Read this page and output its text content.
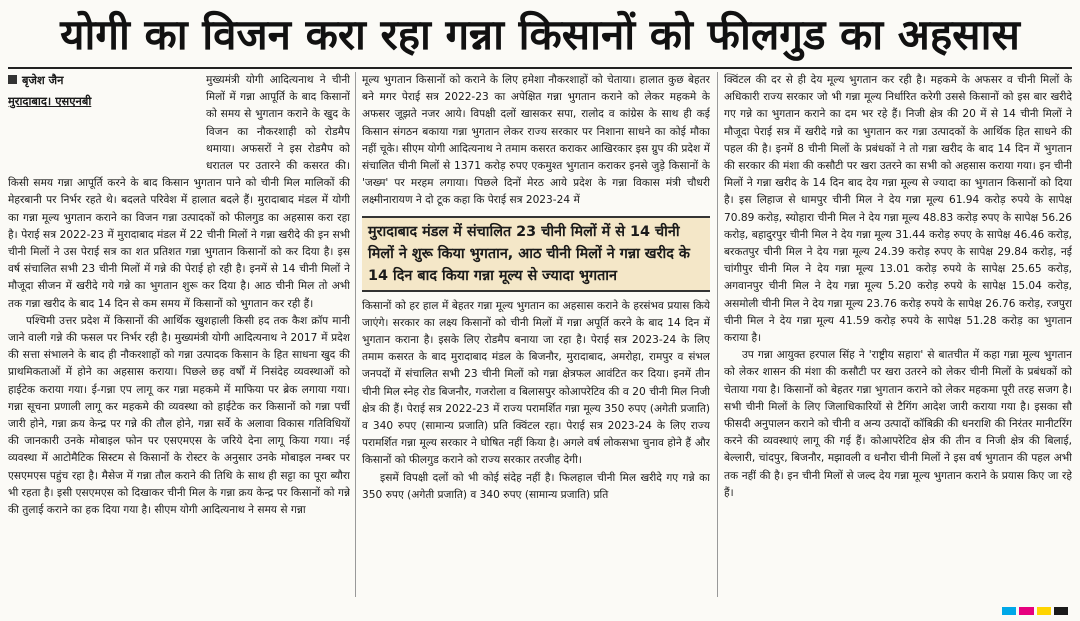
योगी का विजन करा रहा गन्ना किसानों को फीलगुड का अहसास
बृजेश जैन
मुरादाबाद। एसएनबी

मुख्यमंत्री योगी आदित्यनाथ ने चीनी मिलों में गन्ना आपूर्ति के बाद किसानों को समय से भुगतान कराने के खुद के विजन का नौकरशाही को रोडमैप थमाया। अफसरों ने इस रोडमैप को धरातल पर उतारने की कसरत की। किसी समय गन्ना आपूर्ति करने के बाद किसान भुगतान पाने को चीनी मिल मालिकों की मेहरबानी पर निर्भर रहते थे। बदलते परिवेश में हालात बदले हैं। मुरादाबाद मंडल में योगी का गन्ना मूल्य भुगतान कराने का विजन गन्ना उत्पादकों को फीलगुड का अहसास करा रहा है। पेराई सत्र 2022-23 में मुरादाबाद मंडल में 22 चीनी मिलों ने गन्ना खरीदे की इन सभी चीनी मिलों ने उस पेराई सत्र का शत प्रतिशत गन्ना भुगतान किसानों को कर दिया है। इस वर्ष संचालित सभी 23 चीनी मिलों में गन्ने की पेराई हो रही है। इनमें से 14 चीनी मिलों ने मौजूदा सीजन में खरीदे गये गन्ने का भुगतान शुरू कर दिया है। आठ चीनी मिल तो अभी तक गन्ना खरीद के बाद 14 दिन से कम समय में किसानों को भुगतान कर रही हैं।

पश्चिमी उत्तर प्रदेश में किसानों की आर्थिक खुशहाली किसी हद तक कैश क्रॉप मानी जाने वाली गन्ने की फसल पर निर्भर रही है। मुख्यमंत्री योगी आदित्यनाथ ने 2017 में प्रदेश की सत्ता संभालने के बाद ही नौकरशाहों को गन्ना उत्पादक किसान के हित साधना खुद की प्राथमिकताओं में होने का अहसास कराया। पिछले छह वर्षों में निसंदेह व्यवस्थाओं को हाईटेक कराया गया। ई-गन्ना एप लागू कर गन्ना महकमे में माफिया पर ब्रेक लगाया गया। गन्ना सूचना प्रणाली लागू कर महकमे की व्यवस्था को हाईटेक कर किसानों को गन्ना पर्ची जारी होने, गन्ना क्रय केन्द्र पर गन्ने की तौल होने, गन्ना सर्वे के अलावा विकास गतिविधियों की जानकारी उनके मोबाइल फोन पर एसएमएस के जरिये देना लागू किया गया। नई व्यवस्था में आटोमैटिक सिस्टम से किसानों के रोस्टर के अनुसार उनके मोबाइल नम्बर पर एसएमएस पहुंच रहा है। मैसेज में गन्ना तौल कराने की तिथि के साथ ही सट्टा का पूरा ब्यौरा भी रहता है। इसी एसएमएस को दिखाकर चीनी मिल के गन्ना क्रय केन्द्र पर किसानों को गन्ने की तुलाई कराने का हक दिया गया है। सीएम योगी आदित्यनाथ ने समय से गन्ना

मूल्य भुगतान किसानों को कराने के लिए हमेशा नौकरशाहों को चेताया। हालात कुछ बेहतर बने मगर पेराई सत्र 2022-23 का अपेक्षित गन्ना भुगतान कराने को लेकर महकमे के अफसर जूझते नजर आये। विपक्षी दलों खासकर सपा, रालोद व कांग्रेस के साथ ही कई किसान संगठन बकाया गन्ना भुगतान लेकर राज्य सरकार पर निशाना साधने का कोई मौका नहीं चूके। सीएम योगी आदित्यनाथ ने तमाम कसरत कराकर आखिरकार इस ग्रुप की प्रदेश में संचालित चीनी मिलों से 1371 करोड़ रुपए एकमुश्त भुगतान कराकर इनसे जुड़े किसानों के 'जख्म' पर मरहम लगाया। पिछले दिनों मेरठ आये प्रदेश के गन्ना विकास मंत्री चौधरी लक्ष्मीनारायण ने दो टूक कहा कि पेराई सत्र 2023-24 में

मुरादाबाद मंडल में संचालित 23 चीनी मिलों में से 14 चीनी मिलों ने शुरू किया भुगतान, आठ चीनी मिलों ने गन्ना खरीद के 14 दिन बाद किया गन्ना मूल्य से ज्यादा भुगतान

किसानों को हर हाल में बेहतर गन्ना मूल्य भुगतान का अहसास कराने के हरसंभव प्रयास किये जाएंगे। सरकार का लक्ष्य किसानों को चीनी मिलों में गन्ना अपूर्ति करने के बाद 14 दिन में भुगतान कराना है। इसके लिए रोडमैप बनाया जा रहा है। पेराई सत्र 2023-24 के लिए तमाम कसरत के बाद मुरादाबाद मंडल के बिजनौर, मुरादाबाद, अमरोहा, रामपुर व संभल जनपदों में संचालित सभी 23 चीनी मिलों को गन्ना क्षेत्रफल आवंटित कर दिया। इनमें तीन चीनी मिल स्नेह रोड बिजनौर, गजरोला व बिलासपुर कोआपरेटिव की व 20 चीनी मिल निजी क्षेत्र की हैं। पेराई सत्र 2022-23 में राज्य परामर्शित गन्ना मूल्य 350 रुपए (अगेती प्रजाति) व 340 रुपए (सामान्य प्रजाति) प्रति क्विंटल रहा। पेराई सत्र 2023-24 के लिए राज्य परामर्शित गन्ना मूल्य सरकार ने घोषित नहीं किया है। अगले वर्ष लोकसभा चुनाव होने हैं और किसानों को फीलगुड कराने को राज्य सरकार तरजीह देगी।

इसमें विपक्षी दलों को भी कोई संदेह नहीं है। फिलहाल चीनी मिल खरीदे गए गन्ने का 350 रुपए (अगेती प्रजाति) व 340 रुपए (सामान्य प्रजाति) प्रति

क्विंटल की दर से ही देय मूल्य भुगतान कर रही है। महकमे के अफसर व चीनी मिलों के अधिकारी राज्य सरकार जो भी गन्ना मूल्य निर्धारित करेगी उससे किसानों को इस बार खरीदे गए गन्ने का भुगतान कराने का दम भर रहे हैं। निजी क्षेत्र की 20 में से 14 चीनी मिलों ने मौजूदा पेराई सत्र में खरीदे गन्ने का भुगतान कर गन्ना उत्पादकों के आर्थिक हित साधने की पहल की है। इनमें 8 चीनी मिलों के प्रबंधकों ने तो गन्ना खरीद के बाद 14 दिन में भुगतान की सरकार की मंशा की कसौटी पर खरा उतरने का सभी को अहसास कराया गया। इन चीनी मिलों ने गन्ना खरीद के 14 दिन बाद देय गन्ना मूल्य से ज्यादा का भुगतान किसानों को दिया है। इस लिहाज से धामपुर चीनी मिल ने देय गन्ना मूल्य 61.94 करोड़ रुपये के सापेक्ष 70.89 करोड़, स्योहारा चीनी मिल ने देय गन्ना मूल्य 48.83 करोड़ रुपए के सापेक्ष 56.26 करोड़, बहादुरपुर चीनी मिल ने देय गन्ना मूल्य 31.44 करोड़ रुपए के सापेक्ष 46.46 करोड़, बरकतपुर चीनी मिल ने देय गन्ना मूल्य 24.39 करोड़ रुपए के सापेक्ष 29.84 करोड़, नई चांगीपुर चीनी मिल ने देय गन्ना मूल्य 13.01 करोड़ रुपये के सापेक्ष 25.65 करोड़, अगवानपुर चीनी मिल ने देय गन्ना मूल्य 5.20 करोड़ रुपये के सापेक्ष 15.04 करोड़, असमोली चीनी मिल ने देय गन्ना मूल्य 23.76 करोड़ रुपये के सापेक्ष 26.76 करोड़, रजपुरा चीनी मिल ने देय गन्ना मूल्य 41.59 करोड़ रुपये के सापेक्ष 51.28 करोड़ का भुगतान कराया है।

उप गन्ना आयुक्त हरपाल सिंह ने 'राष्ट्रीय सहारा' से बातचीत में कहा गन्ना मूल्य भुगतान को लेकर शासन की मंशा की कसौटी पर खरा उतरने को लेकर चीनी मिलों के प्रबंधकों को चेताया गया है। किसानों को बेहतर गन्ना भुगतान कराने को लेकर महकमा पूरी तरह सजग है। सभी चीनी मिलों के लिए जिलाधिकारियों से टैगिंग आदेश जारी कराया गया है। इसका सौ फीसदी अनुपालन कराने को चीनी व अन्य उत्पादों कॉबिक्री की धनराशि की निरंतर मानीटरिंग करने की व्यवस्थाएं लागू की गई हैं। कोआपरेटिव क्षेत्र की तीन व निजी क्षेत्र की बिलाई, बेल्लारी, चांदपुर, बिजनौर, मझावली व धनौरा चीनी मिलों ने इस वर्ष भुगतान की पहल अभी तक नहीं की है। इन चीनी मिलों से जल्द देय गन्ना मूल्य भुगतान कराने के प्रयास किए जा रहे हैं।
